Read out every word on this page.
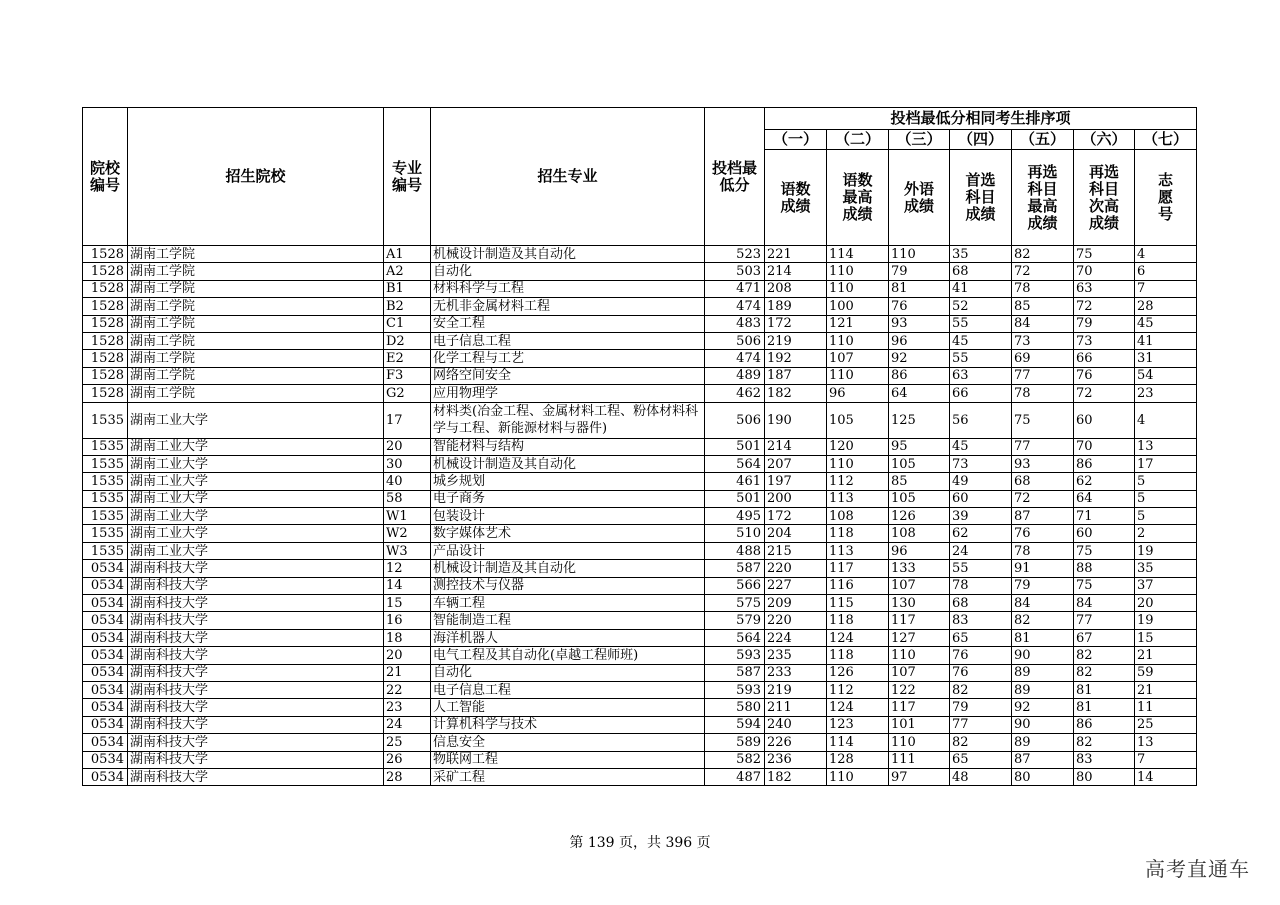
院校编号	招生院校	专业编号	招生专业	投档最低分	投档最低分相同考生排序项						
					（一）	（二）	（三）	（四）	（五）	（六）	（七）
					语数成绩	语数最高成绩	外语成绩	首选科目成绩	再选科目最高成绩	再选科目次高成绩	志愿号
1528	湖南工学院	A1	机械设计制造及其自动化	523	221	114	110	35	82	75	4
1528	湖南工学院	A2	自动化	503	214	110	79	68	72	70	6
1528	湖南工学院	B1	材料科学与工程	471	208	110	81	41	78	63	7
1528	湖南工学院	B2	无机非金属材料工程	474	189	100	76	52	85	72	28
1528	湖南工学院	C1	安全工程	483	172	121	93	55	84	79	45
1528	湖南工学院	D2	电子信息工程	506	219	110	96	45	73	73	41
1528	湖南工学院	E2	化学工程与工艺	474	192	107	92	55	69	66	31
1528	湖南工学院	F3	网络空间安全	489	187	110	86	63	77	76	54
1528	湖南工学院	G2	应用物理学	462	182	96	64	66	78	72	23
1535	湖南工业大学	17	材料类(冶金工程、金属材料工程、粉体材料科学与工程、新能源材料与器件)	506	190	105	125	56	75	60	4
1535	湖南工业大学	20	智能材料与结构	501	214	120	95	45	77	70	13
1535	湖南工业大学	30	机械设计制造及其自动化	564	207	110	105	73	93	86	17
1535	湖南工业大学	40	城乡规划	461	197	112	85	49	68	62	5
1535	湖南工业大学	58	电子商务	501	200	113	105	60	72	64	5
1535	湖南工业大学	W1	包装设计	495	172	108	126	39	87	71	5
1535	湖南工业大学	W2	数字媒体艺术	510	204	118	108	62	76	60	2
1535	湖南工业大学	W3	产品设计	488	215	113	96	24	78	75	19
0534	湖南科技大学	12	机械设计制造及其自动化	587	220	117	133	55	91	88	35
0534	湖南科技大学	14	测控技术与仪器	566	227	116	107	78	79	75	37
0534	湖南科技大学	15	车辆工程	575	209	115	130	68	84	84	20
0534	湖南科技大学	16	智能制造工程	579	220	118	117	83	82	77	19
0534	湖南科技大学	18	海洋机器人	564	224	124	127	65	81	67	15
0534	湖南科技大学	20	电气工程及其自动化(卓越工程师班)	593	235	118	110	76	90	82	21
0534	湖南科技大学	21	自动化	587	233	126	107	76	89	82	59
0534	湖南科技大学	22	电子信息工程	593	219	112	122	82	89	81	21
0534	湖南科技大学	23	人工智能	580	211	124	117	79	92	81	11
0534	湖南科技大学	24	计算机科学与技术	594	240	123	101	77	90	86	25
0534	湖南科技大学	25	信息安全	589	226	114	110	82	89	82	13
0534	湖南科技大学	26	物联网工程	582	236	128	111	65	87	83	7
0534	湖南科技大学	28	采矿工程	487	182	110	97	48	80	80	14
第 139 页，共 396 页
高考直通车
